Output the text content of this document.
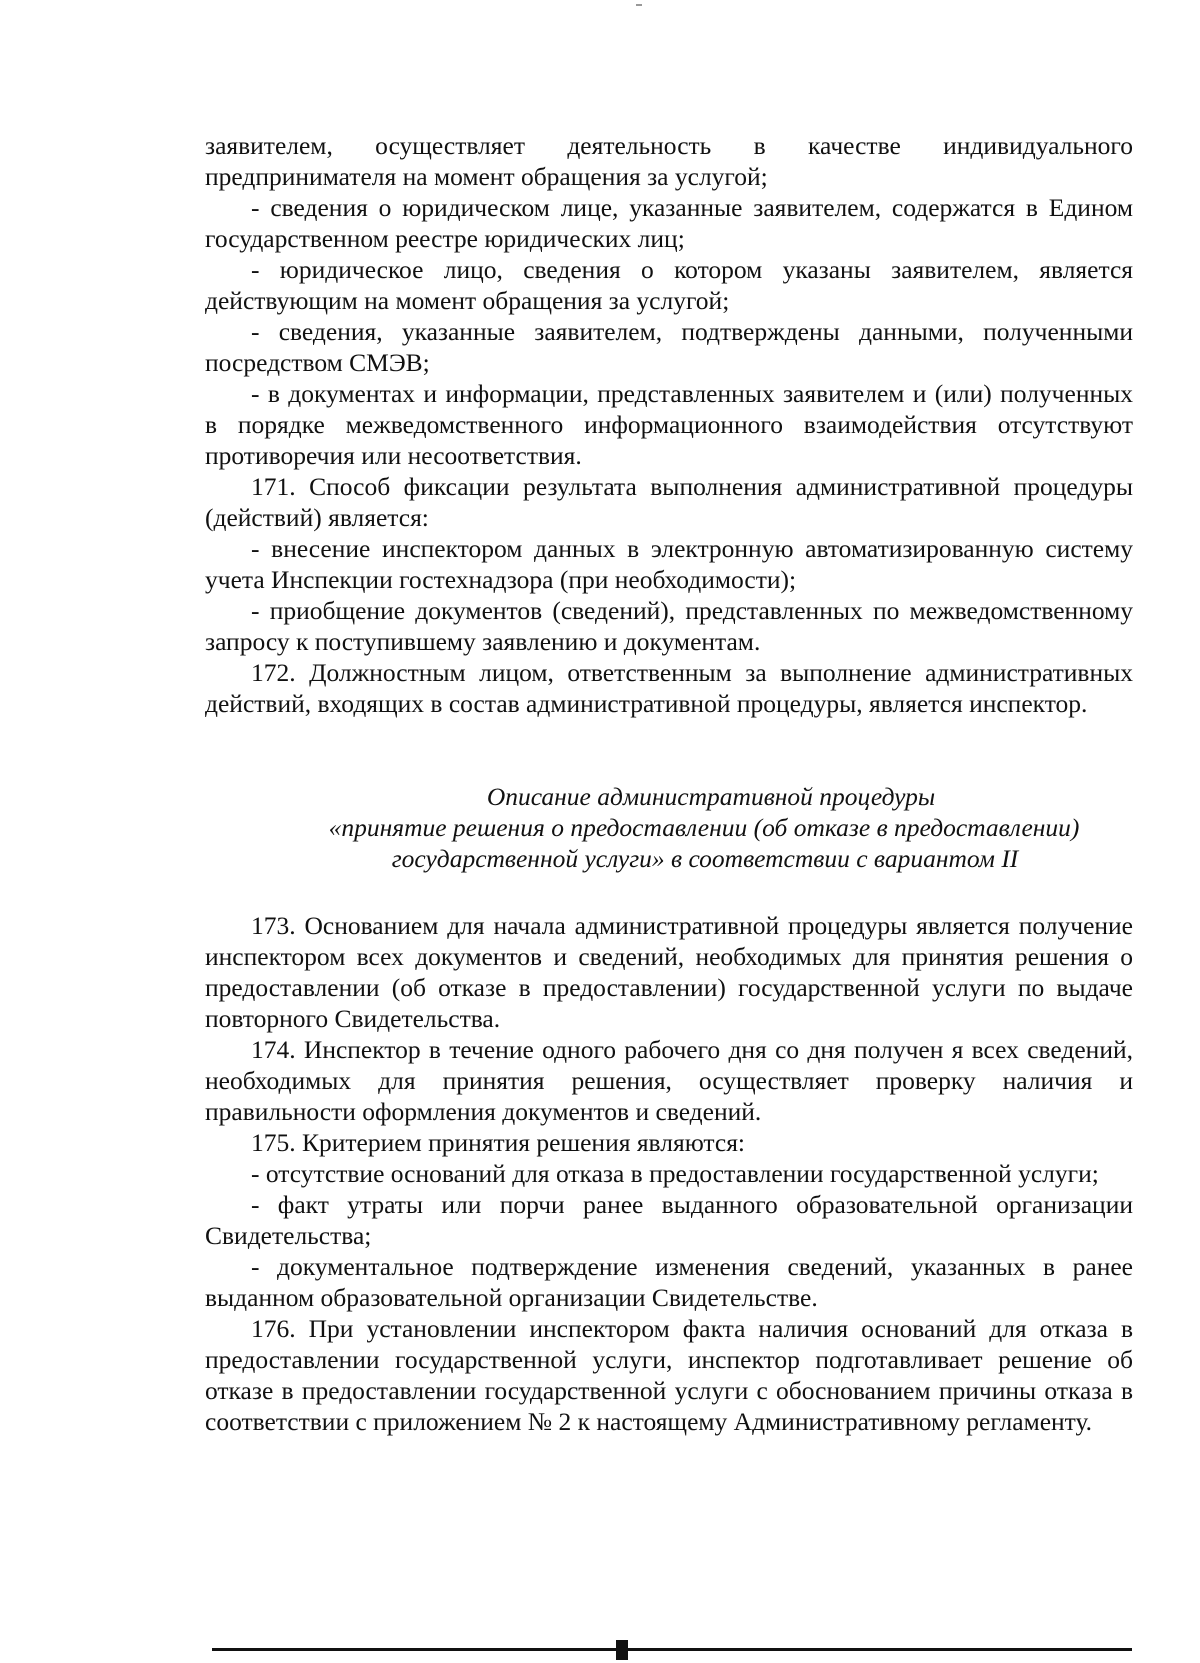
заявителем, осуществляет деятельность в качестве индивидуального предпринимателя на момент обращения за услугой;

- сведения о юридическом лице, указанные заявителем, содержатся в Едином государственном реестре юридических лиц;

- юридическое лицо, сведения о котором указаны заявителем, является действующим на момент обращения за услугой;

- сведения, указанные заявителем, подтверждены данными, полученными посредством СМЭВ;

- в документах и информации, представленных заявителем и (или) полученных в порядке межведомственного информационного взаимодействия отсутствуют противоречия или несоответствия.

171. Способ фиксации результата выполнения административной процедуры (действий) является:

- внесение инспектором данных в электронную автоматизированную систему учета Инспекции гостехнадзора (при необходимости);

- приобщение документов (сведений), представленных по межведомственному запросу к поступившему заявлению и документам.

172. Должностным лицом, ответственным за выполнение административных действий, входящих в состав административной процедуры, является инспектор.

Описание административной процедуры
«принятие решения о предоставлении (об отказе в предоставлении)
государственной услуги» в соответствии с вариантом II

173. Основанием для начала административной процедуры является получение инспектором всех документов и сведений, необходимых для принятия решения о предоставлении (об отказе в предоставлении) государственной услуги по выдаче повторного Свидетельства.

174. Инспектор в течение одного рабочего дня со дня получен я всех сведений, необходимых для принятия решения, осуществляет проверку наличия и правильности оформления документов и сведений.

175. Критерием принятия решения являются:

- отсутствие оснований для отказа в предоставлении государственной услуги;

- факт утраты или порчи ранее выданного образовательной организации Свидетельства;

- документальное подтверждение изменения сведений, указанных в ранее выданном образовательной организации Свидетельстве.

176. При установлении инспектором факта наличия оснований для отказа в предоставлении государственной услуги, инспектор подготавливает решение об отказе в предоставлении государственной услуги с обоснованием причины отказа в соответствии с приложением № 2 к настоящему Административному регламенту.
